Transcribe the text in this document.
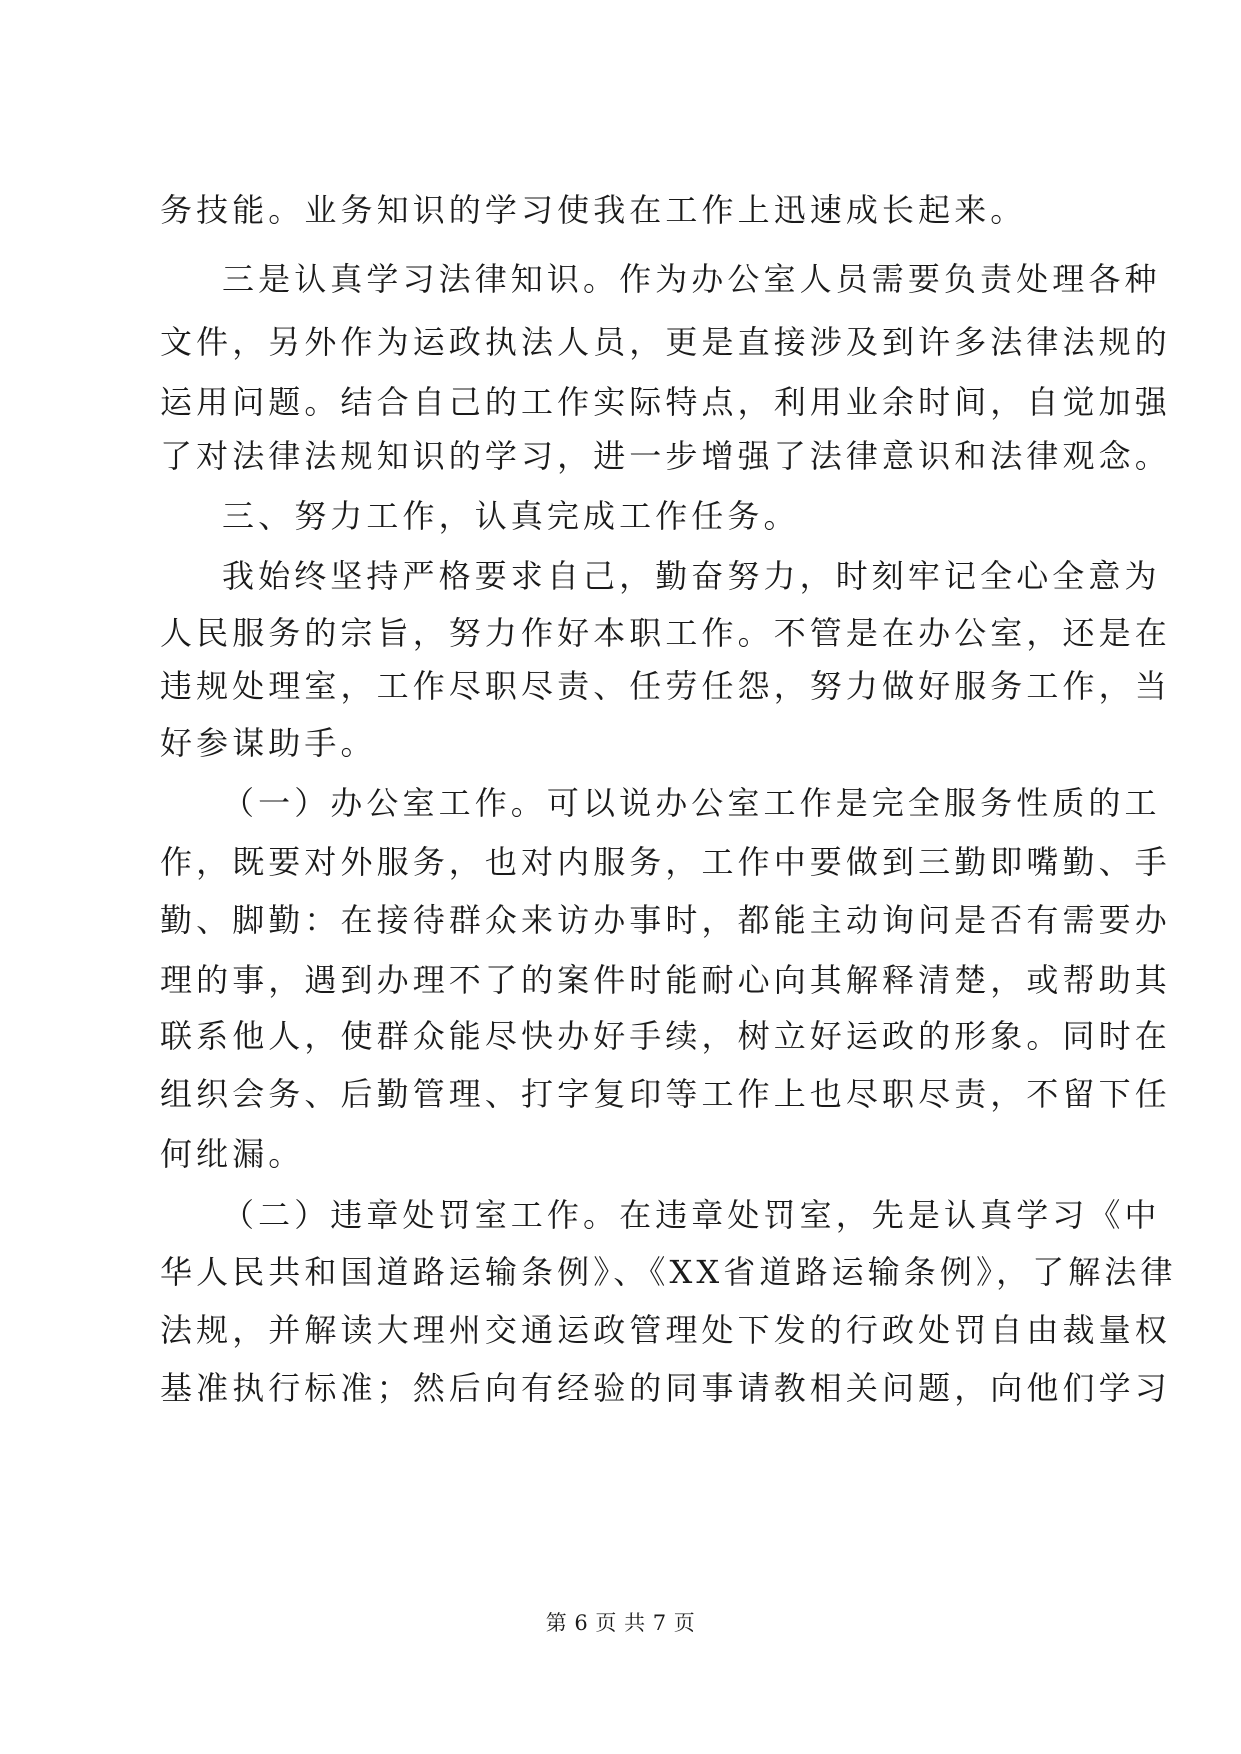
务技能。业务知识的学习使我在工作上迅速成长起来。
三是认真学习法律知识。作为办公室人员需要负责处理各种
文件，另外作为运政执法人员，更是直接涉及到许多法律法规的
运用问题。结合自己的工作实际特点，利用业余时间，自觉加强
了对法律法规知识的学习，进一步增强了法律意识和法律观念。
三、努力工作，认真完成工作任务。
我始终坚持严格要求自己，勤奋努力，时刻牢记全心全意为
人民服务的宗旨，努力作好本职工作。不管是在办公室，还是在
违规处理室，工作尽职尽责、任劳任怨，努力做好服务工作，当
好参谋助手。
（一）办公室工作。可以说办公室工作是完全服务性质的工
作，既要对外服务，也对内服务，工作中要做到三勤即嘴勤、手
勤、脚勤：在接待群众来访办事时，都能主动询问是否有需要办
理的事，遇到办理不了的案件时能耐心向其解释清楚，或帮助其
联系他人，使群众能尽快办好手续，树立好运政的形象。同时在
组织会务、后勤管理、打字复印等工作上也尽职尽责，不留下任
何纰漏。
（二）违章处罚室工作。在违章处罚室，先是认真学习《中
华人民共和国道路运输条例》、《XX省道路运输条例》，了解法律
法规，并解读大理州交通运政管理处下发的行政处罚自由裁量权
基准执行标准；然后向有经验的同事请教相关问题，向他们学习
第 6 页 共 7 页
